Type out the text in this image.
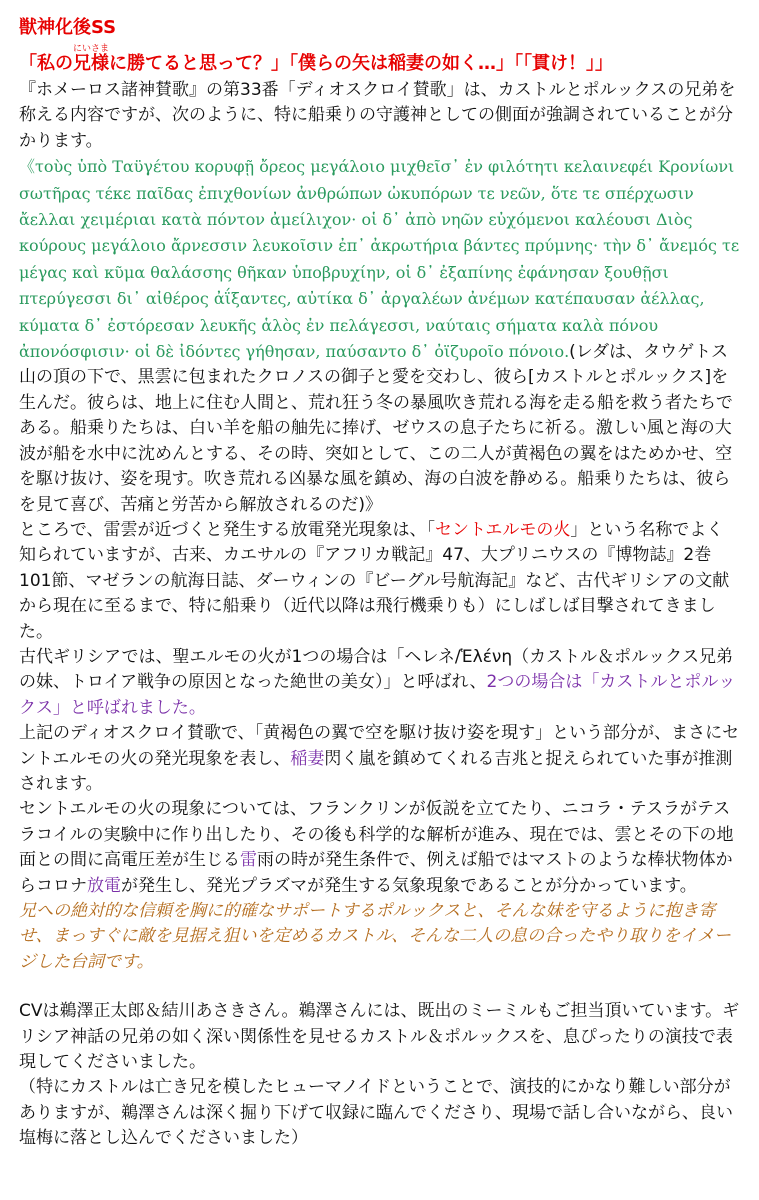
獣神化後SS
「私の兄様にいさまに勝てると思って？」「僕らの矢は稲妻の如く…」「「貫け！」」

『ホメーロス諸神賛歌』の第33番「ディオスクロイ賛歌」は、カストルとポルックスの兄弟を称える内容ですが、次のように、特に船乗りの守護神としての側面が強調されていることが分かります。

《τοὺς ὑπὸ Ταϋγέτου κορυφῇ ὄρεος μεγάλοιο μιχθεῖσ᾽ ἐν φιλότητι κελαινεφέι Κρονίωνι σωτῆρας τέκε παῖδας ἐπιχθονίων ἀνθρώπων ὠκυπόρων τε νεῶν, ὅτε τε σπέρχωσιν ἄελλαι χειμέριαι κατὰ πόντον ἀμείλιχον· οἱ δ᾽ ἀπὸ νηῶν εὐχόμενοι καλέουσι Διὸς κούρους μεγάλοιο ἄρνεσσιν λευκοῖσιν ἐπ᾽ ἀκρωτήρια βάντες πρύμνης· τὴν δ᾽ ἄνεμός τε μέγας καὶ κῦμα θαλάσσης θῆκαν ὑποβρυχίην, οἱ δ᾽ ἐξαπίνης ἐφάνησαν ξουθῇσι πτερύγεσσι δι᾽ αἰθέρος ἀΐξαντες, αὐτίκα δ᾽ ἀργαλέων ἀνέμων κατέπαυσαν ἀέλλας, κύματα δ᾽ ἐστόρεσαν λευκῆς ἁλὸς ἐν πελάγεσσι, ναύταις σήματα καλὰ πόνου ἀπονόσφισιν· οἱ δὲ ἰδόντες γήθησαν, παύσαντο δ᾽ ὀϊζυροῖο πόνοιο.(レダは、タウゲトス山の頂の下で、黒雲に包まれたクロノスの御子と愛を交わし、彼ら[カストルとポルックス]を生んだ。彼らは、地上に住む人間と、荒れ狂う冬の暴風吹き荒れる海を走る船を救う者たちである。船乗りたちは、白い羊を船の舳先に捧げ、ゼウスの息子たちに祈る。激しい風と海の大波が船を水中に沈めんとする、その時、突如として、この二人が黄褐色の翼をはためかせ、空を駆け抜け、姿を現す。吹き荒れる凶暴な風を鎮め、海の白波を静める。船乗りたちは、彼らを見て喜び、苦痛と労苦から解放されるのだ)》

ところで、雷雲が近づくと発生する放電発光現象は、「セントエルモの火」という名称でよく知られていますが、古来、カエサルの『アフリカ戦記』47、大プリニウスの『博物誌』2巻101節、マゼランの航海日誌、ダーウィンの『ビーグル号航海記』など、古代ギリシアの文献から現在に至るまで、特に船乗り（近代以降は飛行機乗りも）にしばしば目撃されてきました。

古代ギリシアでは、聖エルモの火が1つの場合は「ヘレネ/Ἑλένη（カストル＆ポルックス兄弟の妹、トロイア戦争の原因となった絶世の美女）」と呼ばれ、2つの場合は「カストルとポルックス」と呼ばれました。

上記のディオスクロイ賛歌で、「黄褐色の翼で空を駆け抜け姿を現す」という部分が、まさにセントエルモの火の発光現象を表し、稲妻閃く嵐を鎮めてくれる吉兆と捉えられていた事が推測されます。

セントエルモの火の現象については、フランクリンが仮説を立てたり、ニコラ・テスラがテスラコイルの実験中に作り出したり、その後も科学的な解析が進み、現在では、雲とその下の地面との間に高電圧差が生じる雷雨の時が発生条件で、例えば船ではマストのような棒状物体からコロナ放電が発生し、発光プラズマが発生する気象現象であることが分かっています。

兄への絶対的な信頼を胸に的確なサポートするポルックスと、そんな妹を守るように抱き寄せ、まっすぐに敵を見据え狙いを定めるカストル、そんな二人の息の合ったやり取りをイメージした台詞です。

CVは鵜澤正太郎＆結川あさきさん。鵜澤さんには、既出のミーミルもご担当頂いています。ギリシア神話の兄弟の如く深い関係性を見せるカストル＆ポルックスを、息ぴったりの演技で表現してくださいました。

（特にカストルは亡き兄を模したヒューマノイドということで、演技的にかなり難しい部分がありますが、鵜澤さんは深く掘り下げて収録に臨んでくださり、現場で話し合いながら、良い塩梅に落とし込んでくださいました）
